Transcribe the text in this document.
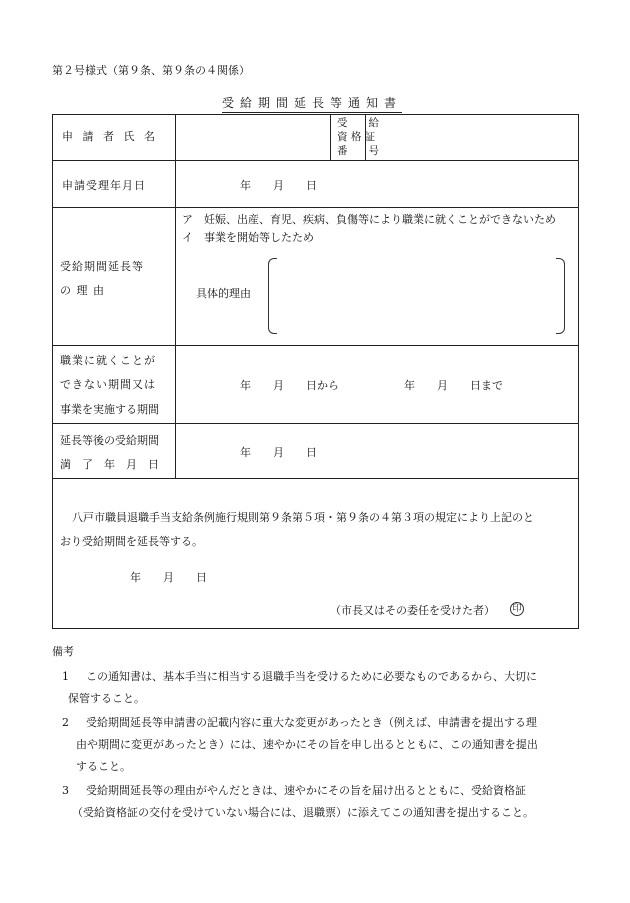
第２号様式（第９条、第９条の４関係）
受給期間延長等通知書
申 請 者 氏 名
受　　給
資 格 証
番　　号
申請受理年月日	年　　月　　日
受給期間延長等
の 理 由
ア　妊娠、出産、育児、疾病、負傷等により職業に就くことができないため
イ　事業を開始等したため
具体的理由
職業に就くことが
できない期間又は
事業を実施する期間
年　　月　　日から	年　　月　　日まで
延長等後の受給期間
満　了　年　月　日
年　　月　　日
八戸市職員退職手当支給条例施行規則第９条第５項・第９条の４第３項の規定により上記のと
おり受給期間を延長等する。
年　　月　　日
（市長又はその委任を受けた者） 印
備考

1 この通知書は、基本手当に相当する退職手当を受けるために必要なものであるから、大切に

保管すること。

2 受給期間延長等申請書の記載内容に重大な変更があったとき（例えば、申請書を提出する理

由や期間に変更があったとき）には、速やかにその旨を申し出るとともに、この通知書を提出

すること。

3 受給期間延長等の理由がやんだときは、速やかにその旨を届け出るとともに、受給資格証

（受給資格証の交付を受けていない場合には、退職票）に添えてこの通知書を提出すること。
